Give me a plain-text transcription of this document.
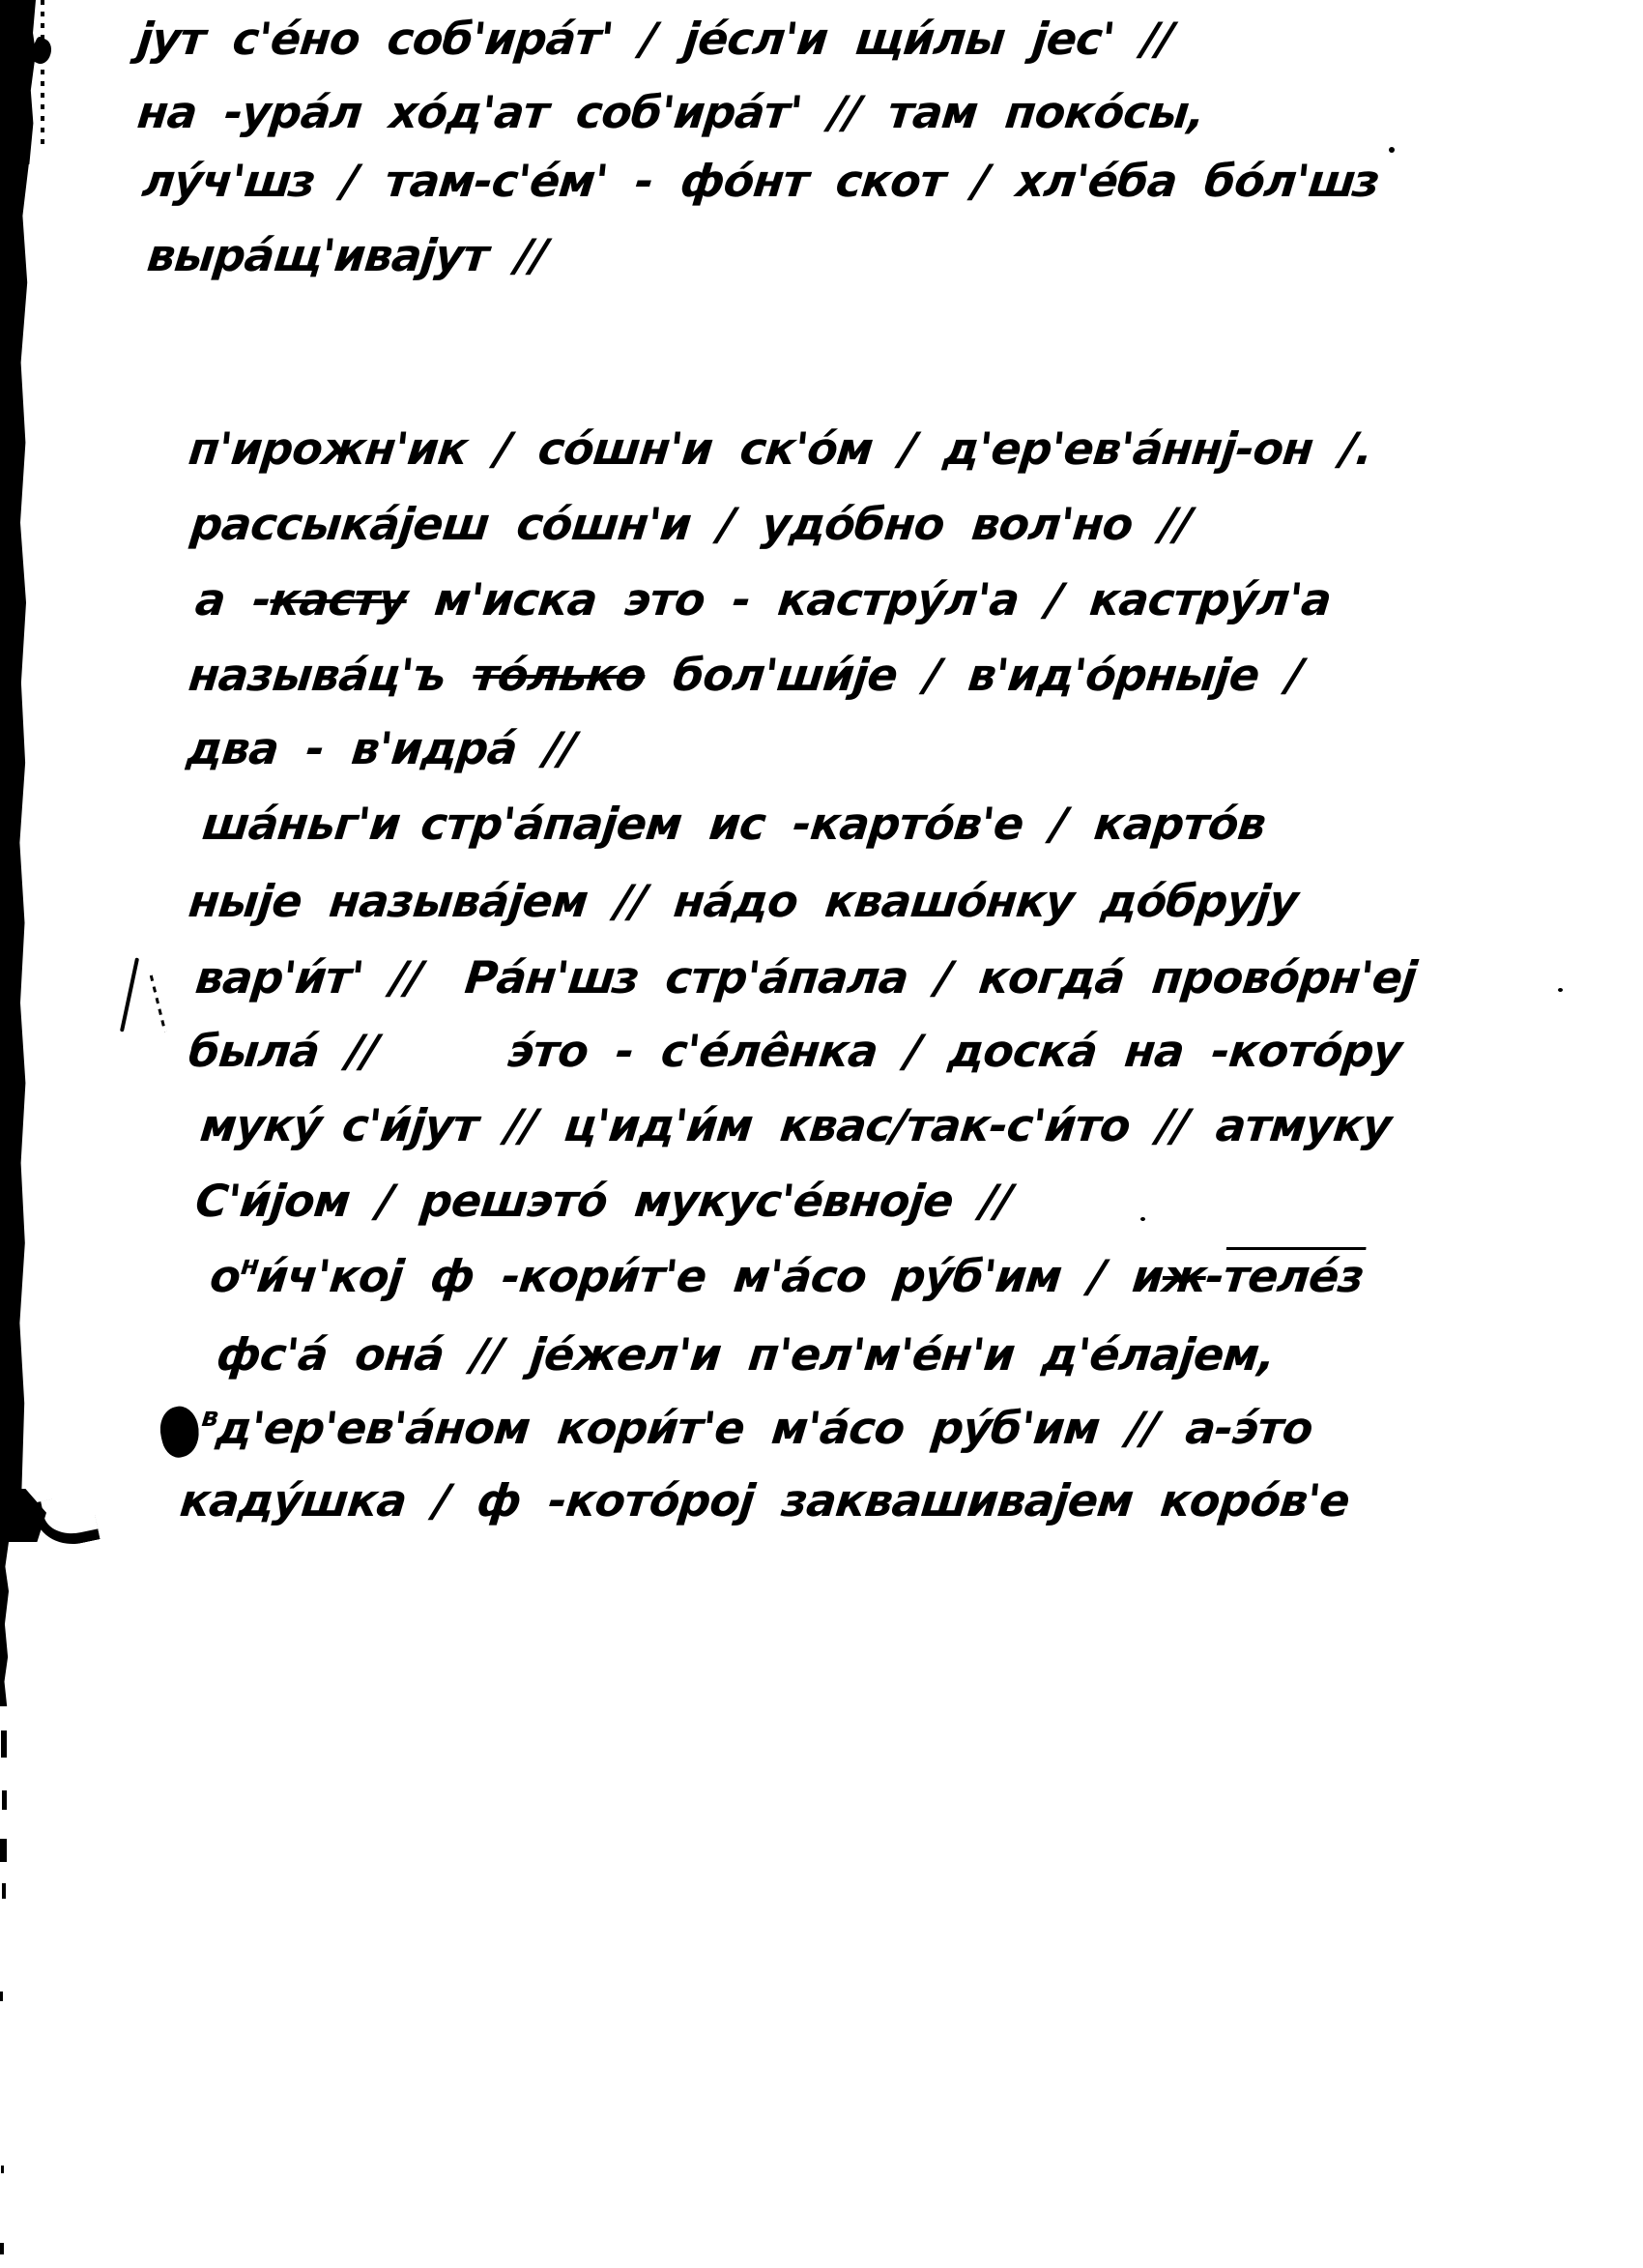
јут с'е́но соб'ира́т' / је́сл'и щи́лы јес' //
на -ура́л хо́д'ат соб'ира́т' // там поко́сы,
лу́ч'шɜ / там-с'е́м' - фо́нт скот / хл'е́ба бо́л'шɜ
выра́щ'ивајут //
п'ирожн'ик / со́шн'и ск'о́м / д'ер'ев'а́ннј-он /.
рассыка́јеш со́шн'и / удо́бно вол'но //
а -касту м'иска это - кастру́л'а / кастру́л'а
называ́ц'ъ то́лько бол'ши́је / в'ид'о́рныје /
два - в'идра́ //
ша́ньг'и стр'а́пајем ис -карто́в'е / карто́в
ныје называ́јем // на́до квашо́нку до́брују
вар'и́т' // Ра́н'шɜ стр'а́пала / когда́ прово́рн'еј
была́ //   э́то - с'е́ле̂нка / доска́ на -кото́ру
муку́ с'и́јут // ц'ид'и́м квас/так-с'и́то // атмуку
С'и́јом / решэто́ мукус'е́вноје //
$о^ни́ч'кој$ ф -кори́т'е м'а́со ру́б'им / иж-теле́з
фс'а́ она́ // је́жел'и п'ел'м'е́н'и д'е́лајем,
$^в$д'ер'ев'а́ном кори́т'е м'а́со ру́б'им // а-э́то
каду́шка / ф -кото́рој заквашивајем коро́в'е
